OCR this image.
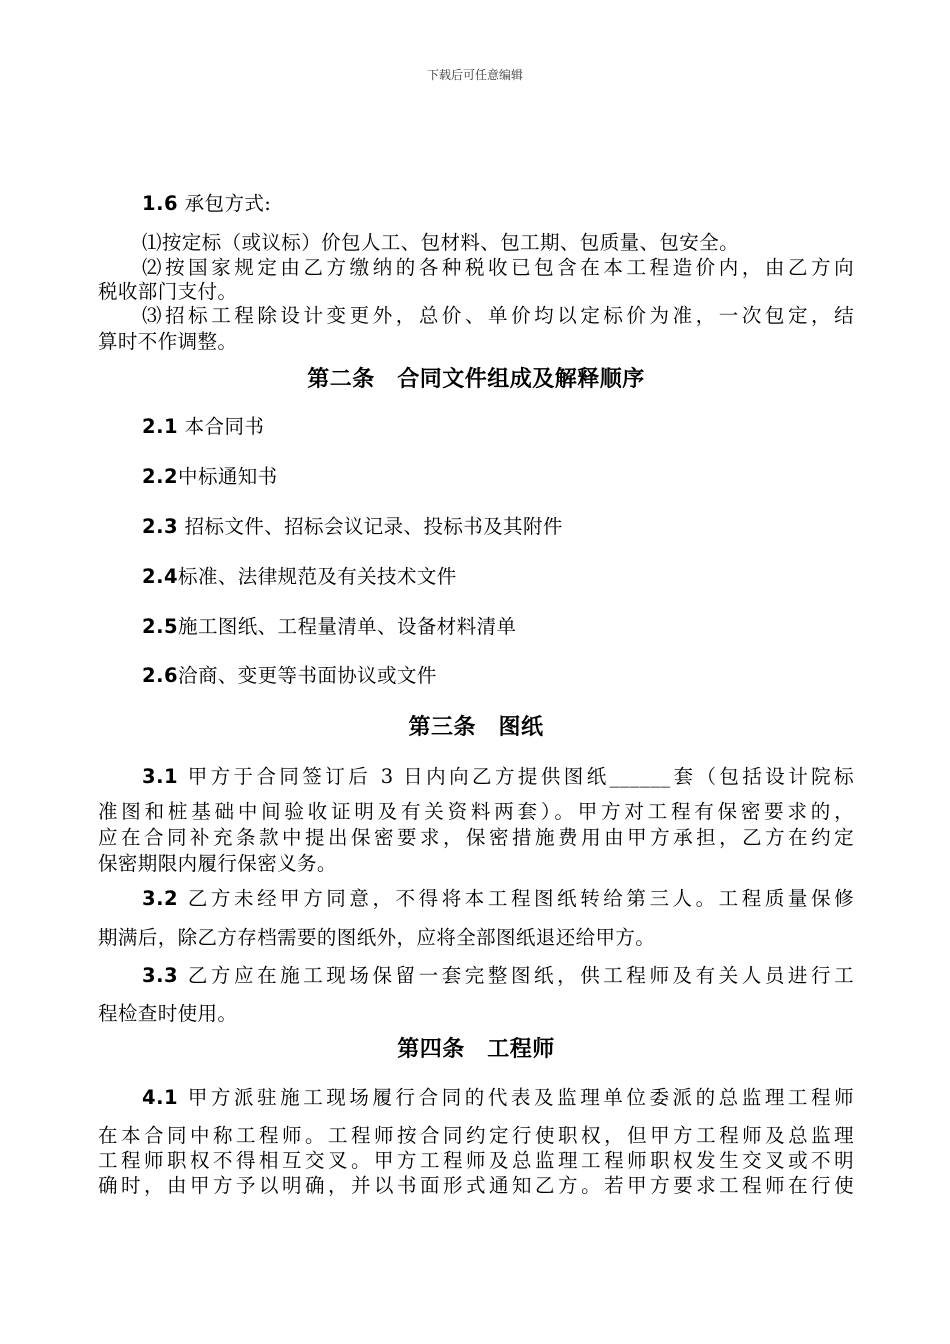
下载后可任意编辑
1.6 承包方式:
⑴按定标（或议标）价包人工、包材料、包工期、包质量、包安全。
⑵按国家规定由乙方缴纳的各种税收已包含在本工程造价内，由乙方向
税收部门支付。
⑶招标工程除设计变更外，总价、单价均以定标价为准，一次包定，结
算时不作调整。
第二条　合同文件组成及解释顺序
2.1 本合同书
2.2中标通知书
2.3 招标文件、招标会议记录、投标书及其附件
2.4标准、法律规范及有关技术文件
2.5施工图纸、工程量清单、设备材料清单
2.6洽商、变更等书面协议或文件
第三条　图纸
3.1 甲方于合同签订后 3 日内向乙方提供图纸______套（包括设计院标
准图和桩基础中间验收证明及有关资料两套）。甲方对工程有保密要求的，
应在合同补充条款中提出保密要求，保密措施费用由甲方承担，乙方在约定
保密期限内履行保密义务。
3.2 乙方未经甲方同意，不得将本工程图纸转给第三人。工程质量保修
期满后，除乙方存档需要的图纸外，应将全部图纸退还给甲方。
3.3 乙方应在施工现场保留一套完整图纸，供工程师及有关人员进行工
程检查时使用。
第四条　工程师
4.1 甲方派驻施工现场履行合同的代表及监理单位委派的总监理工程师
在本合同中称工程师。工程师按合同约定行使职权，但甲方工程师及总监理
工程师职权不得相互交叉。甲方工程师及总监理工程师职权发生交叉或不明
确时，由甲方予以明确，并以书面形式通知乙方。若甲方要求工程师在行使
